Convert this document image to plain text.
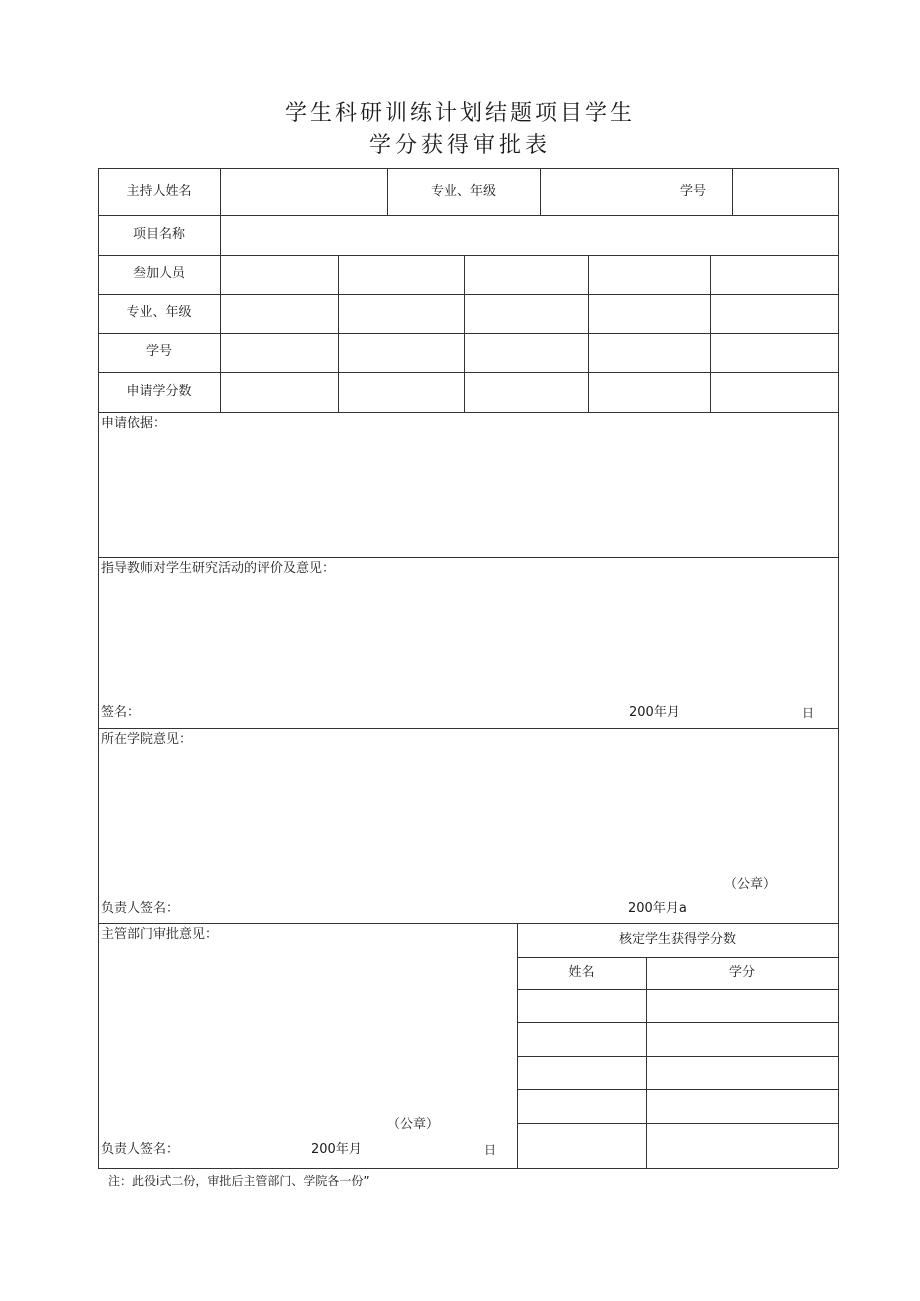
学生科研训练计划结题项目学生
学分获得审批表
主持人姓名	专业、年级	学号
项目名称
叁加人员
专业、年级
学号
申请学分数
申请依据：
指导教师对学生研究活动的评价及意见：
签名：	200年月	日
所在学院意见：
（公章）
负责人签名：	200年月a
主管部门审批意见：
（公章）
负责人签名：	200年月	日
核定学生获得学分数
姓名	学分
注：此役i式二份，审批后主管部门、学院各一份”
